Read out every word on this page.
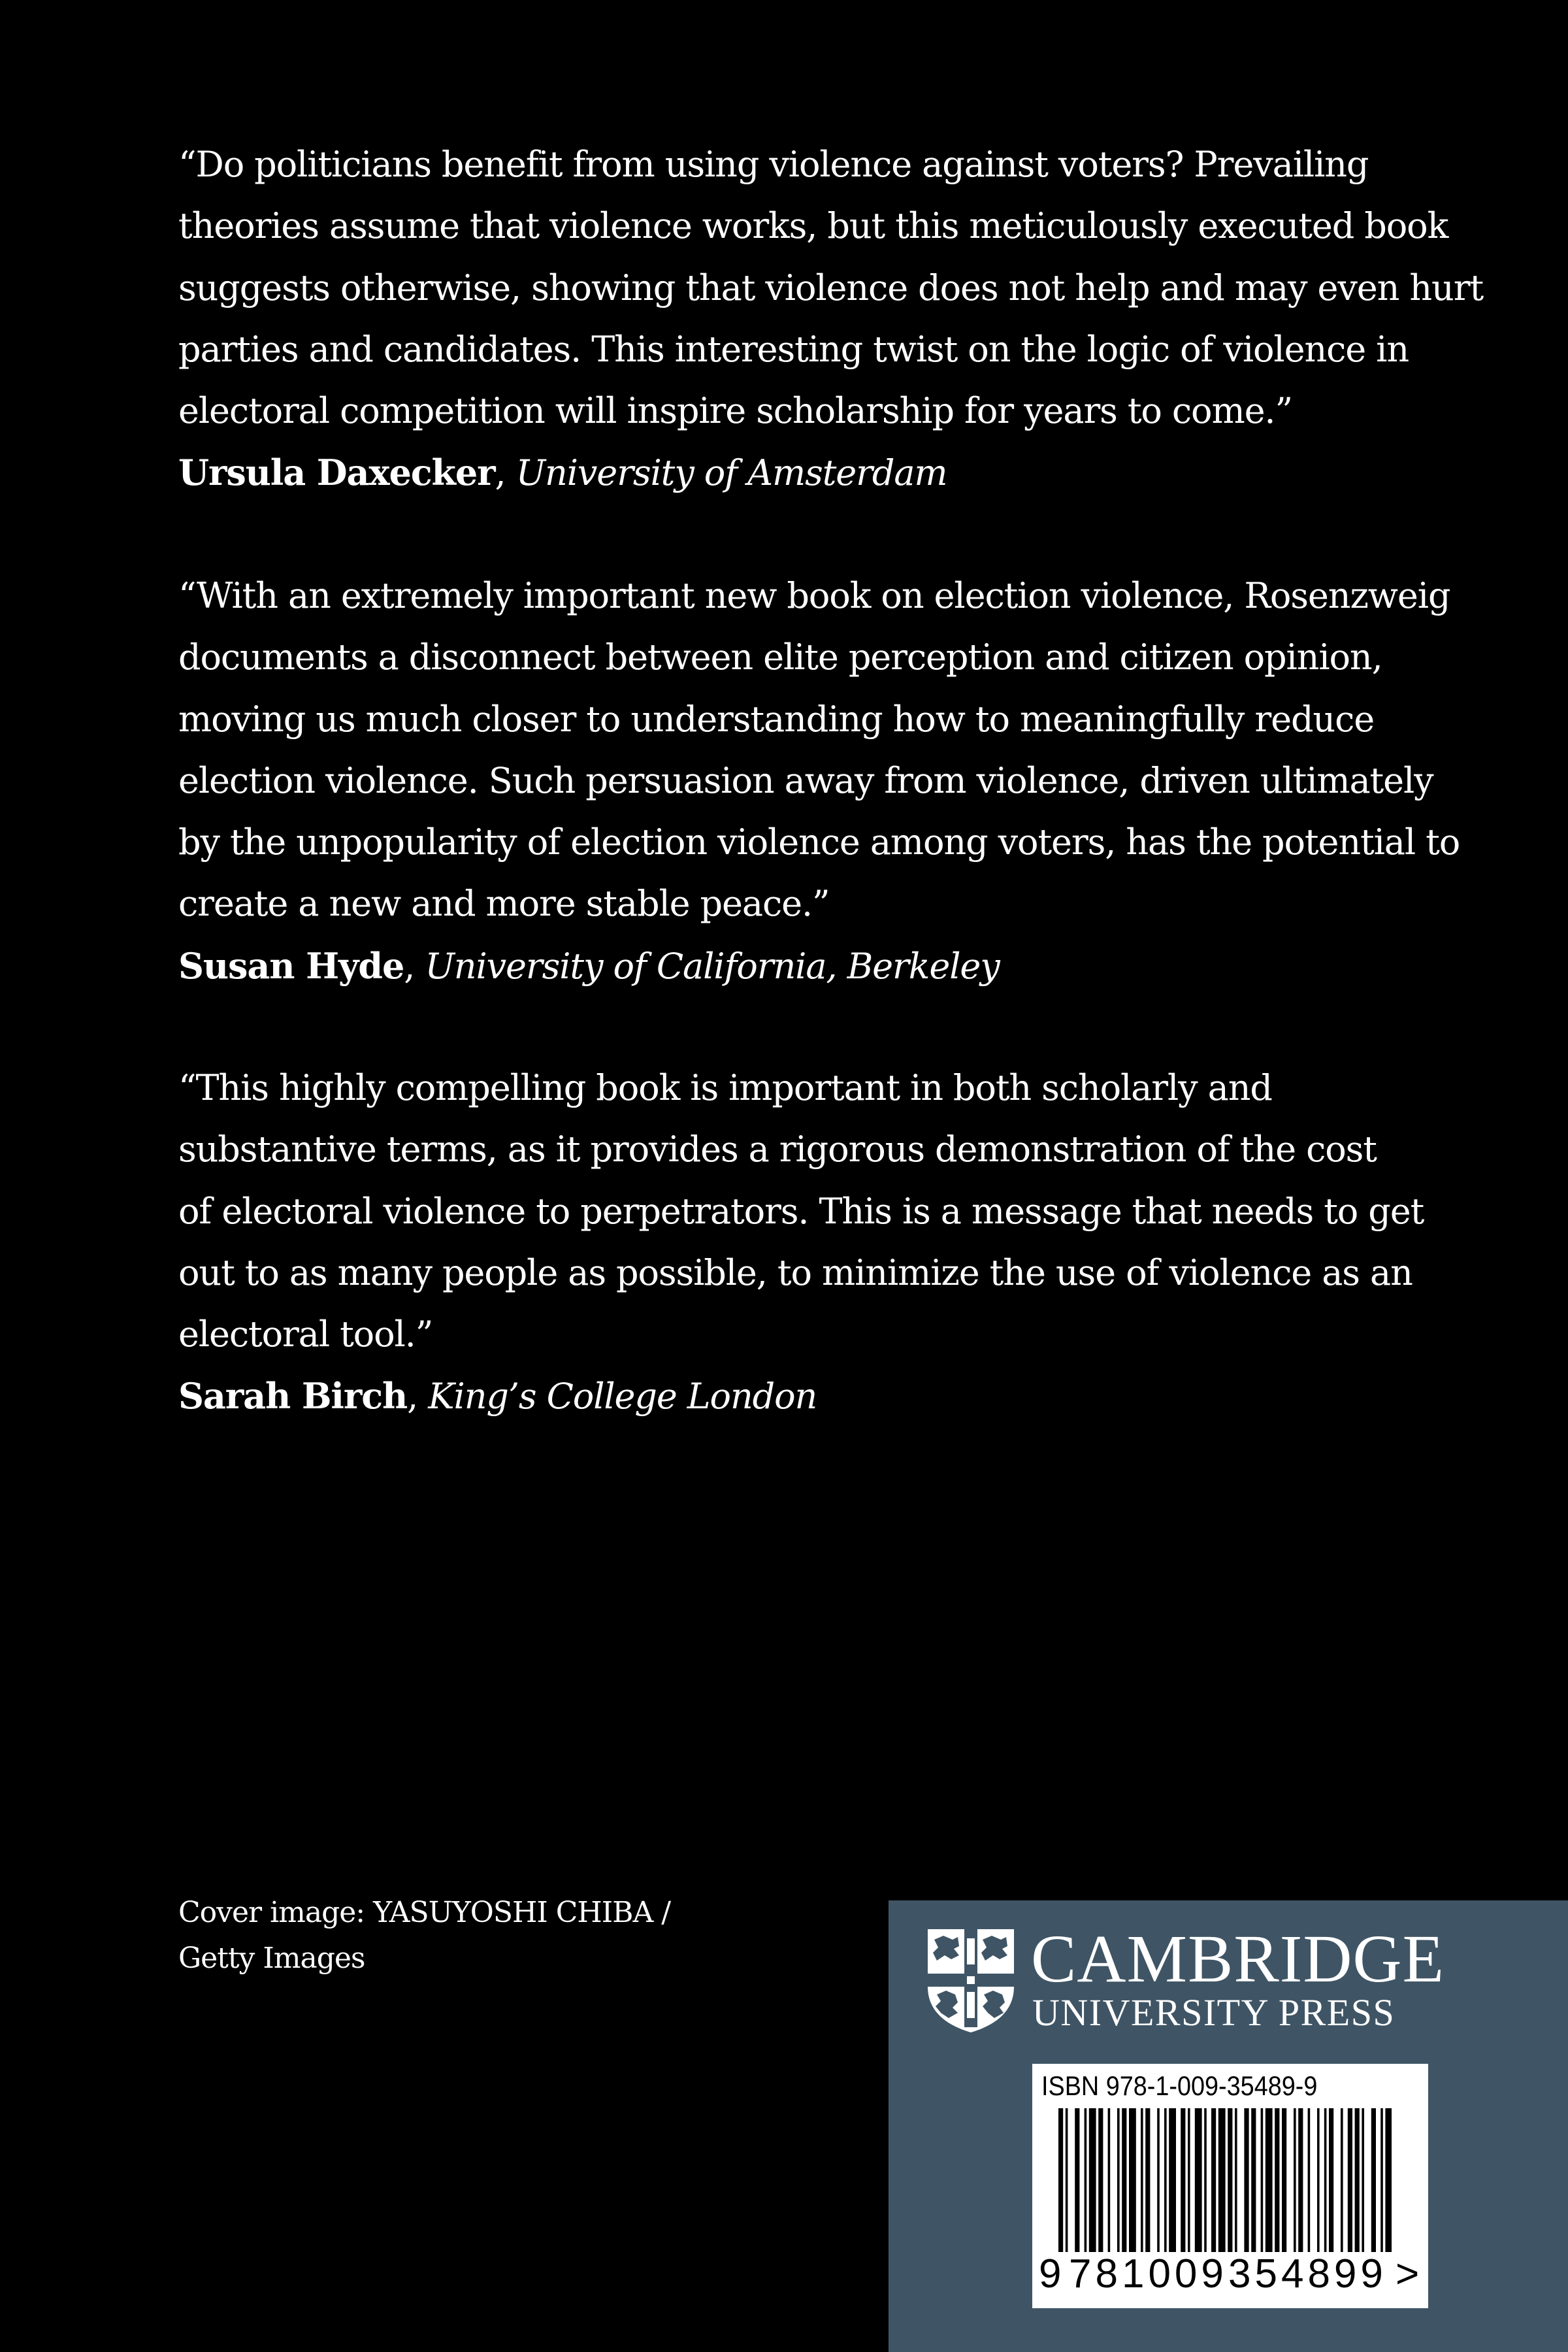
“Do politicians benefit from using violence against voters? Prevailing
theories assume that violence works, but this meticulously executed book
suggests otherwise, showing that violence does not help and may even hurt
parties and candidates. This interesting twist on the logic of violence in
electoral competition will inspire scholarship for years to come.”
Ursula Daxecker, University of Amsterdam
“With an extremely important new book on election violence, Rosenzweig
documents a disconnect between elite perception and citizen opinion,
moving us much closer to understanding how to meaningfully reduce
election violence. Such persuasion away from violence, driven ultimately
by the unpopularity of election violence among voters, has the potential to
create a new and more stable peace.”
Susan Hyde, University of California, Berkeley
“This highly compelling book is important in both scholarly and
substantive terms, as it provides a rigorous demonstration of the cost
of electoral violence to perpetrators. This is a message that needs to get
out to as many people as possible, to minimize the use of violence as an
electoral tool.”
Sarah Birch, King’s College London
Cover image: YASUYOSHI CHIBA /
Getty Images	CAMBRIDGE
UNIVERSITY PRESS
ISBN 978-1-009-35489-9
9 781009 354899 >
